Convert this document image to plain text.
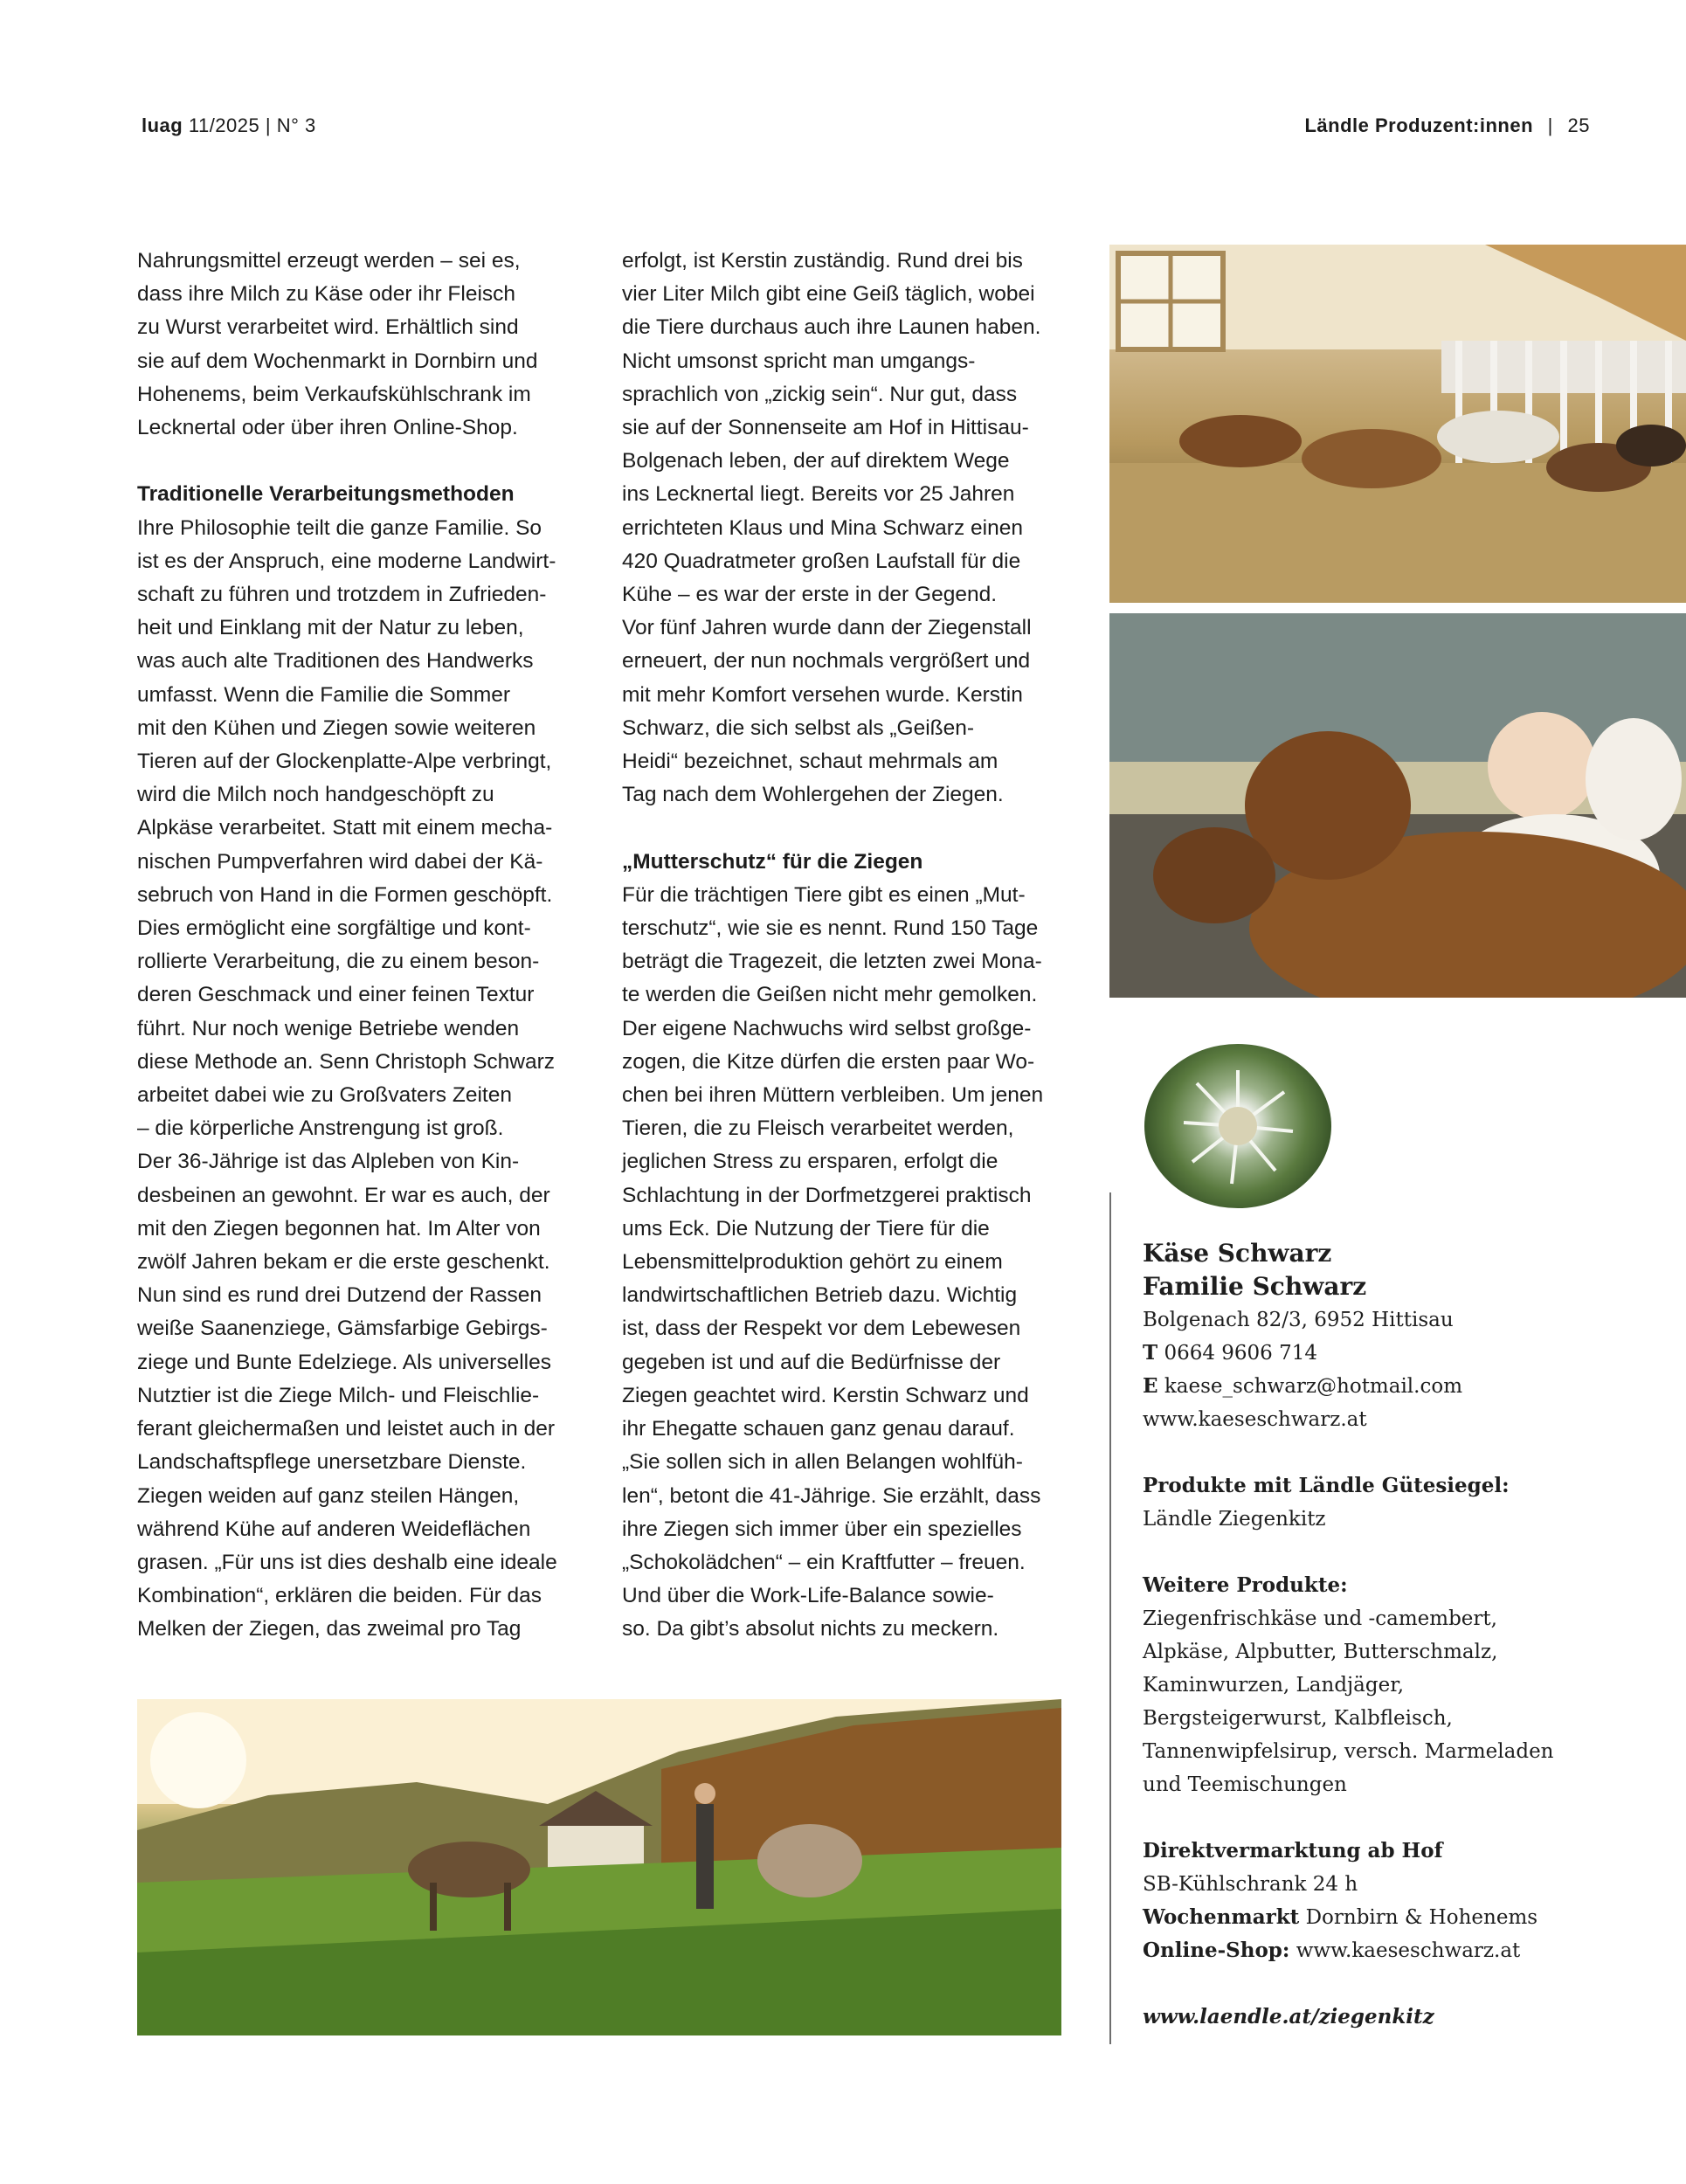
luag 11/2025 | N° 3	Ländle Produzent:innen | 25

Nahrungsmittel erzeugt werden – sei es,
dass ihre Milch zu Käse oder ihr Fleisch
zu Wurst verarbeitet wird. Erhältlich sind
sie auf dem Wochenmarkt in Dornbirn und
Hohenems, beim Verkaufskühlschrank im
Lecknertal oder über ihren Online-Shop.

Traditionelle Verarbeitungsmethoden

Ihre Philosophie teilt die ganze Familie. So
ist es der Anspruch, eine moderne Landwirt-
schaft zu führen und trotzdem in Zufrieden-
heit und Einklang mit der Natur zu leben,
was auch alte Traditionen des Handwerks
umfasst. Wenn die Familie die Sommer
mit den Kühen und Ziegen sowie weiteren
Tieren auf der Glockenplatte-Alpe verbringt,
wird die Milch noch handgeschöpft zu
Alpkäse verarbeitet. Statt mit einem mecha-
nischen Pumpverfahren wird dabei der Kä-
sebruch von Hand in die Formen geschöpft.
Dies ermöglicht eine sorgfältige und kont-
rollierte Verarbeitung, die zu einem beson-
deren Geschmack und einer feinen Textur
führt. Nur noch wenige Betriebe wenden
diese Methode an. Senn Christoph Schwarz
arbeitet dabei wie zu Großvaters Zeiten
– die körperliche Anstrengung ist groß.
Der 36-Jährige ist das Alpleben von Kin-
desbeinen an gewohnt. Er war es auch, der
mit den Ziegen begonnen hat. Im Alter von
zwölf Jahren bekam er die erste geschenkt.
Nun sind es rund drei Dutzend der Rassen
weiße Saanenziege, Gämsfarbige Gebirgs-
ziege und Bunte Edelziege. Als universelles
Nutztier ist die Ziege Milch- und Fleischlie-
ferant gleichermaßen und leistet auch in der
Landschaftspflege unersetzbare Dienste.
Ziegen weiden auf ganz steilen Hängen,
während Kühe auf anderen Weideflächen
grasen. „Für uns ist dies deshalb eine ideale
Kombination“, erklären die beiden. Für das
Melken der Ziegen, das zweimal pro Tag

erfolgt, ist Kerstin zuständig. Rund drei bis
vier Liter Milch gibt eine Geiß täglich, wobei
die Tiere durchaus auch ihre Launen haben.
Nicht umsonst spricht man umgangs-
sprachlich von „zickig sein“. Nur gut, dass
sie auf der Sonnenseite am Hof in Hittisau-
Bolgenach leben, der auf direktem Wege
ins Lecknertal liegt. Bereits vor 25 Jahren
errichteten Klaus und Mina Schwarz einen
420 Quadratmeter großen Laufstall für die
Kühe – es war der erste in der Gegend.
Vor fünf Jahren wurde dann der Ziegenstall
erneuert, der nun nochmals vergrößert und
mit mehr Komfort versehen wurde. Kerstin
Schwarz, die sich selbst als „Geißen-
Heidi“ bezeichnet, schaut mehrmals am
Tag nach dem Wohlergehen der Ziegen.

„Mutterschutz“ für die Ziegen

Für die trächtigen Tiere gibt es einen „Mut-
terschutz“, wie sie es nennt. Rund 150 Tage
beträgt die Tragezeit, die letzten zwei Mona-
te werden die Geißen nicht mehr gemolken.
Der eigene Nachwuchs wird selbst großge-
zogen, die Kitze dürfen die ersten paar Wo-
chen bei ihren Müttern verbleiben. Um jenen
Tieren, die zu Fleisch verarbeitet werden,
jeglichen Stress zu ersparen, erfolgt die
Schlachtung in der Dorfmetzgerei praktisch
ums Eck. Die Nutzung der Tiere für die
Lebensmittelproduktion gehört zu einem
landwirtschaftlichen Betrieb dazu. Wichtig
ist, dass der Respekt vor dem Lebewesen
gegeben ist und auf die Bedürfnisse der
Ziegen geachtet wird. Kerstin Schwarz und
ihr Ehegatte schauen ganz genau darauf.
„Sie sollen sich in allen Belangen wohlfüh-
len“, betont die 41-Jährige. Sie erzählt, dass
ihre Ziegen sich immer über ein spezielles
„Schokolädchen“ – ein Kraftfutter – freuen.
Und über die Work-Life-Balance sowie-
so. Da gibt’s absolut nichts zu meckern.

Käse Schwarz
Familie Schwarz
Bolgenach 82/3, 6952 Hittisau
T 0664 9606 714
E kaese_schwarz@hotmail.com
www.kaeseschwarz.at
Produkte mit Ländle Gütesiegel:
Ländle Ziegenkitz
Weitere Produkte:
Ziegenfrischkäse und -camembert,
Alpkäse, Alpbutter, Butterschmalz,
Kaminwurzen, Landjäger,
Bergsteigerwurst, Kalbfleisch,
Tannenwipfelsirup, versch. Marmeladen
und Teemischungen
Direktvermarktung ab Hof
SB-Kühlschrank 24 h
Wochenmarkt Dornbirn & Hohenems
Online-Shop: www.kaeseschwarz.at
www.laendle.at/ziegenkitz
